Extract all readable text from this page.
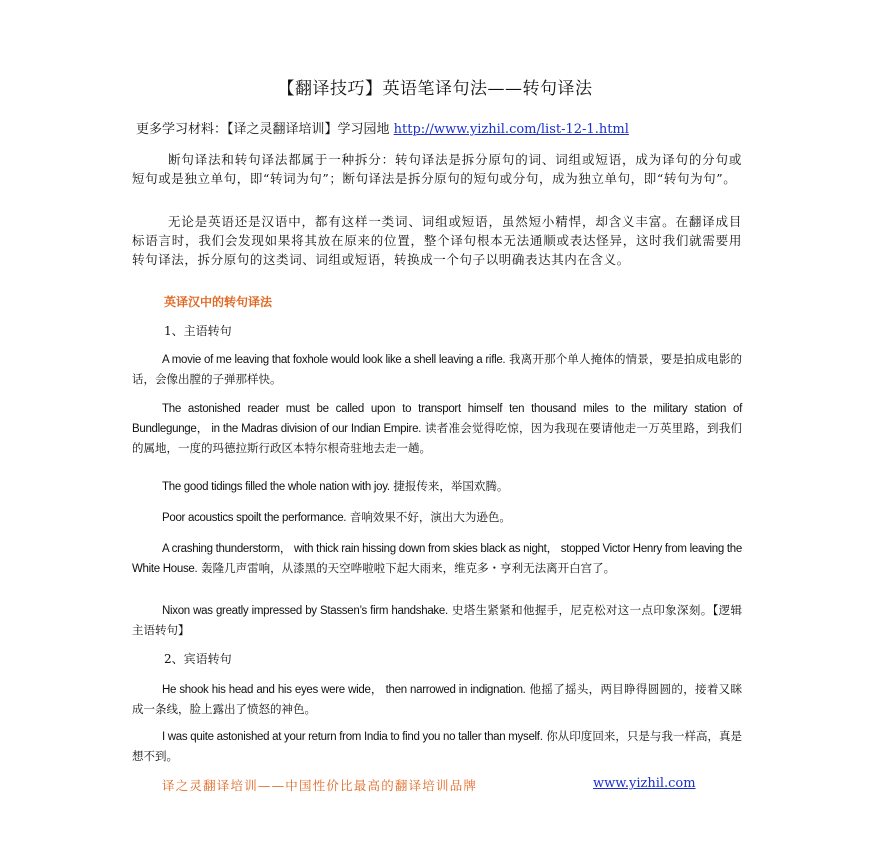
【翻译技巧】英语笔译句法——转句译法
更多学习材料：【译之灵翻译培训】学习园地 http://www.yizhil.com/list-12-1.html
断句译法和转句译法都属于一种拆分：转句译法是拆分原句的词、词组或短语，成为译句的分句或短句或是独立单句，即“转词为句”；断句译法是拆分原句的短句或分句，成为独立单句，即“转句为句”。
无论是英语还是汉语中，都有这样一类词、词组或短语，虽然短小精悍，却含义丰富。在翻译成目标语言时，我们会发现如果将其放在原来的位置，整个译句根本无法通顺或表达怪异，这时我们就需要用转句译法，拆分原句的这类词、词组或短语，转换成一个句子以明确表达其内在含义。
英译汉中的转句译法
1、主语转句
A movie of me leaving that foxhole would look like a shell leaving a rifle. 我离开那个单人掩体的情景，要是拍成电影的话，会像出膛的子弹那样快。
The astonished reader must be called upon to transport himself ten thousand miles to the military station of Bundlegunge， in the Madras division of our Indian Empire. 读者准会觉得吃惊，因为我现在要请他走一万英里路，到我们的属地，一度的玛德拉斯行政区本特尔根奇驻地去走一趟。
The good tidings filled the whole nation with joy. 捷报传来，举国欢腾。
Poor acoustics spoilt the performance. 音响效果不好，演出大为逊色。
A crashing thunderstorm， with thick rain hissing down from skies black as night， stopped Victor Henry from leaving the White House. 轰隆几声雷响，从漆黑的天空哗啦啦下起大雨来，维克多・亨利无法离开白宫了。
Nixon was greatly impressed by Stassen’s firm handshake. 史塔生紧紧和他握手，尼克松对这一点印象深刻。【逻辑主语转句】
2、宾语转句
He shook his head and his eyes were wide， then narrowed in indignation. 他摇了摇头，两目睁得圆圆的，接着又眯成一条线，脸上露出了愤怒的神色。
I was quite astonished at your return from India to find you no taller than myself. 你从印度回来，只是与我一样高，真是想不到。
译之灵翻译培训——中国性价比最高的翻译培训品牌	www.yizhil.com
